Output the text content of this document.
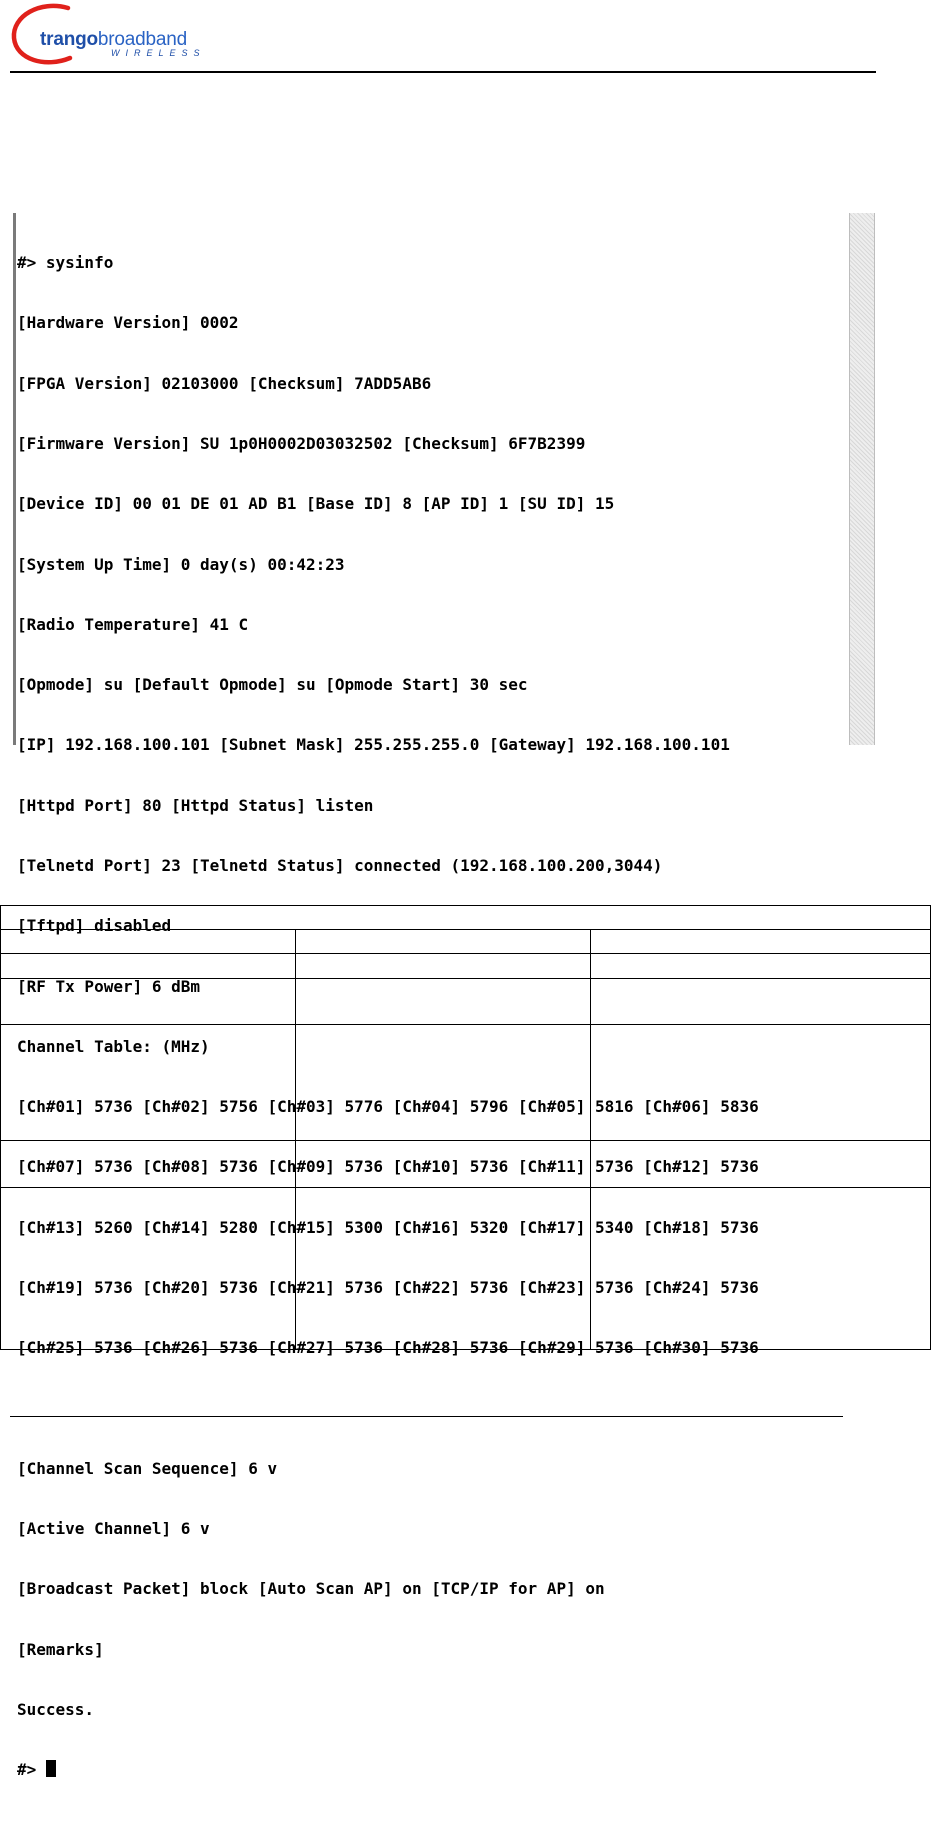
trangobroadband
WIRELESS

#> sysinfo

[Hardware Version] 0002

[FPGA Version] 02103000 [Checksum] 7ADD5AB6

[Firmware Version] SU 1p0H0002D03032502 [Checksum] 6F7B2399

[Device ID] 00 01 DE 01 AD B1 [Base ID] 8 [AP ID] 1 [SU ID] 15

[System Up Time] 0 day(s) 00:42:23

[Radio Temperature] 41 C

[Opmode] su [Default Opmode] su [Opmode Start] 30 sec

[IP] 192.168.100.101 [Subnet Mask] 255.255.255.0 [Gateway] 192.168.100.101

[Httpd Port] 80 [Httpd Status] listen

[Telnetd Port] 23 [Telnetd Status] connected (192.168.100.200,3044)

[Tftpd] disabled

[RF Tx Power] 6 dBm

Channel Table: (MHz)

[Ch#01] 5736 [Ch#02] 5756 [Ch#03] 5776 [Ch#04] 5796 [Ch#05] 5816 [Ch#06] 5836

[Ch#07] 5736 [Ch#08] 5736 [Ch#09] 5736 [Ch#10] 5736 [Ch#11] 5736 [Ch#12] 5736

[Ch#13] 5260 [Ch#14] 5280 [Ch#15] 5300 [Ch#16] 5320 [Ch#17] 5340 [Ch#18] 5736

[Ch#19] 5736 [Ch#20] 5736 [Ch#21] 5736 [Ch#22] 5736 [Ch#23] 5736 [Ch#24] 5736

[Ch#25] 5736 [Ch#26] 5736 [Ch#27] 5736 [Ch#28] 5736 [Ch#29] 5736 [Ch#30] 5736

[Channel Scan Sequence] 6 v

[Active Channel] 6 v

[Broadcast Packet] block [Auto Scan AP] on [TCP/IP for AP] on

[Remarks]

Success.

#>
